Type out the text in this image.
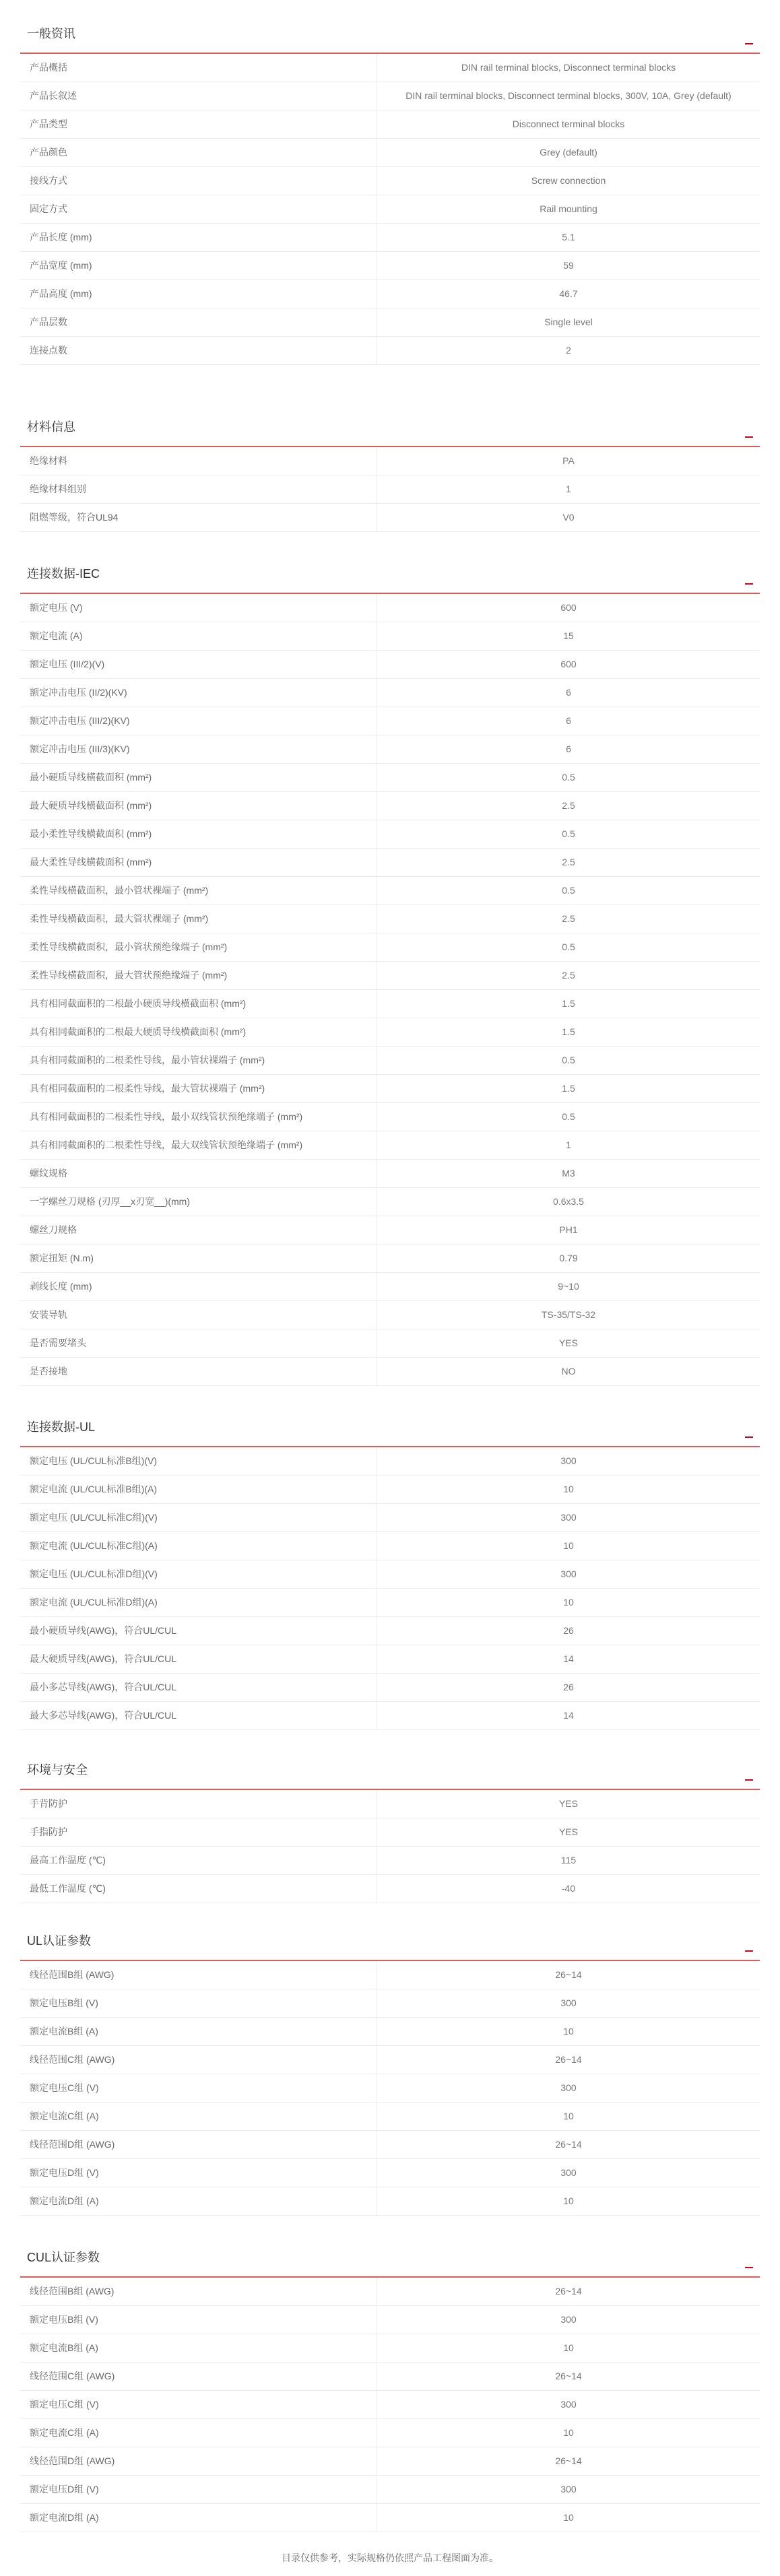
一般资讯
产品概括	DIN rail terminal blocks, Disconnect terminal blocks
产品长叙述	DIN rail terminal blocks, Disconnect terminal blocks, 300V, 10A, Grey (default)
产品类型	Disconnect terminal blocks
产品颜色	Grey (default)
接线方式	Screw connection
固定方式	Rail mounting
产品长度 (mm)	5.1
产品宽度 (mm)	59
产品高度 (mm)	46.7
产品层数	Single level
连接点数	2
材料信息
绝缘材料	PA
绝缘材料组别	1
阻燃等级，符合UL94	V0
连接数据-IEC
额定电压 (V)	600
额定电流 (A)	15
额定电压 (III/2)(V)	600
额定冲击电压 (II/2)(KV)	6
额定冲击电压 (III/2)(KV)	6
额定冲击电压 (III/3)(KV)	6
最小硬质导线横截面积 (mm²)	0.5
最大硬质导线横截面积 (mm²)	2.5
最小柔性导线横截面积 (mm²)	0.5
最大柔性导线横截面积 (mm²)	2.5
柔性导线横截面积，最小管状裸端子 (mm²)	0.5
柔性导线横截面积，最大管状裸端子 (mm²)	2.5
柔性导线横截面积，最小管状预绝缘端子 (mm²)	0.5
柔性导线横截面积，最大管状预绝缘端子 (mm²)	2.5
具有相同截面积的二根最小硬质导线横截面积 (mm²)	1.5
具有相同截面积的二根最大硬质导线横截面积 (mm²)	1.5
具有相同截面积的二根柔性导线，最小管状裸端子 (mm²)	0.5
具有相同截面积的二根柔性导线，最大管状裸端子 (mm²)	1.5
具有相同截面积的二根柔性导线，最小双线管状预绝缘端子 (mm²)	0.5
具有相同截面积的二根柔性导线，最大双线管状预绝缘端子 (mm²)	1
螺纹规格	M3
一字螺丝刀规格 (刃厚__x刃宽__)(mm)	0.6x3.5
螺丝刀规格	PH1
额定扭矩 (N.m)	0.79
剥线长度 (mm)	9~10
安装导轨	TS-35/TS-32
是否需要堵头	YES
是否接地	NO
连接数据-UL
额定电压 (UL/CUL标准B组)(V)	300
额定电流 (UL/CUL标准B组)(A)	10
额定电压 (UL/CUL标准C组)(V)	300
额定电流 (UL/CUL标准C组)(A)	10
额定电压 (UL/CUL标准D组)(V)	300
额定电流 (UL/CUL标准D组)(A)	10
最小硬质导线(AWG)，符合UL/CUL	26
最大硬质导线(AWG)，符合UL/CUL	14
最小多芯导线(AWG)，符合UL/CUL	26
最大多芯导线(AWG)，符合UL/CUL	14
环境与安全
手背防护	YES
手指防护	YES
最高工作温度 (℃)	115
最低工作温度 (℃)	-40
UL认证参数
线径范围B组 (AWG)	26~14
额定电压B组 (V)	300
额定电流B组 (A)	10
线径范围C组 (AWG)	26~14
额定电压C组 (V)	300
额定电流C组 (A)	10
线径范围D组 (AWG)	26~14
额定电压D组 (V)	300
额定电流D组 (A)	10
CUL认证参数
线径范围B组 (AWG)	26~14
额定电压B组 (V)	300
额定电流B组 (A)	10
线径范围C组 (AWG)	26~14
额定电压C组 (V)	300
额定电流C组 (A)	10
线径范围D组 (AWG)	26~14
额定电压D组 (V)	300
额定电流D组 (A)	10
目录仅供参考，实际规格仍依照产品工程图面为准。
